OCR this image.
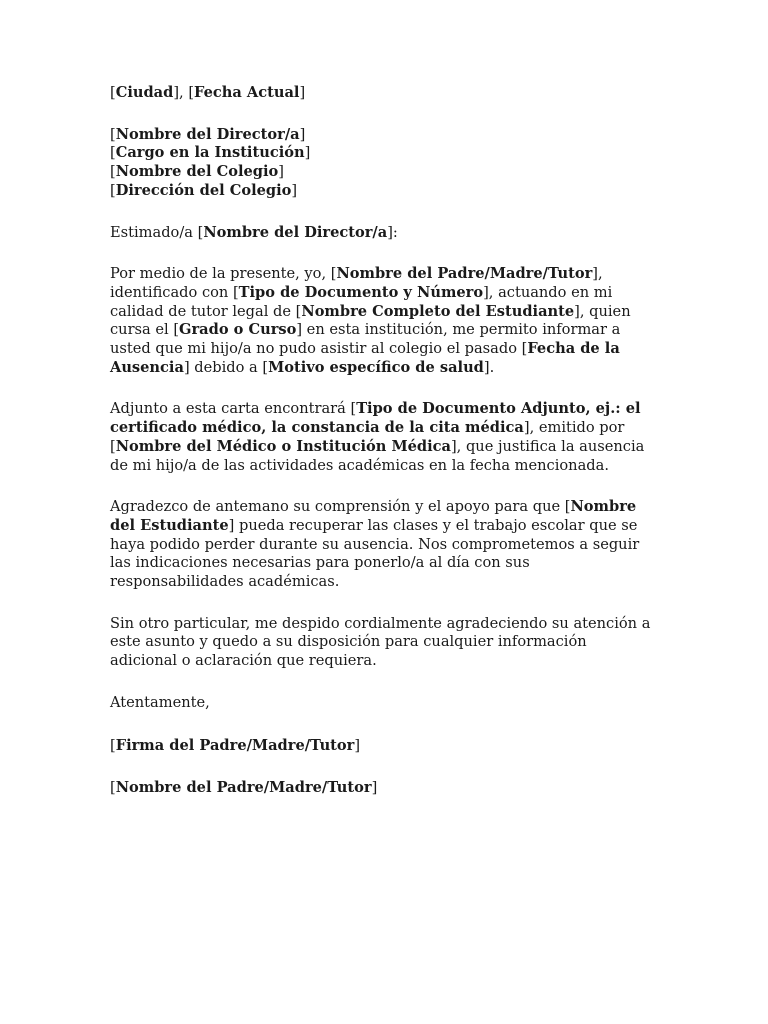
[Ciudad], [Fecha Actual]

[Nombre del Director/a]
[Cargo en la Institución]
[Nombre del Colegio]
[Dirección del Colegio]

Estimado/a [Nombre del Director/a]:

Por medio de la presente, yo, [Nombre del Padre/Madre/Tutor], identificado con [Tipo de Documento y Número], actuando en mi calidad de tutor legal de [Nombre Completo del Estudiante], quien cursa el [Grado o Curso] en esta institución, me permito informar a usted que mi hijo/a no pudo asistir al colegio el pasado [Fecha de la Ausencia] debido a [Motivo específico de salud].

Adjunto a esta carta encontrará [Tipo de Documento Adjunto, ej.: el certificado médico, la constancia de la cita médica], emitido por [Nombre del Médico o Institución Médica], que justifica la ausencia de mi hijo/a de las actividades académicas en la fecha mencionada.

Agradezco de antemano su comprensión y el apoyo para que [Nombre del Estudiante] pueda recuperar las clases y el trabajo escolar que se haya podido perder durante su ausencia. Nos comprometemos a seguir las indicaciones necesarias para ponerlo/a al día con sus responsabilidades académicas.

Sin otro particular, me despido cordialmente agradeciendo su atención a este asunto y quedo a su disposición para cualquier información adicional o aclaración que requiera.

Atentamente,

[Firma del Padre/Madre/Tutor]

[Nombre del Padre/Madre/Tutor]
